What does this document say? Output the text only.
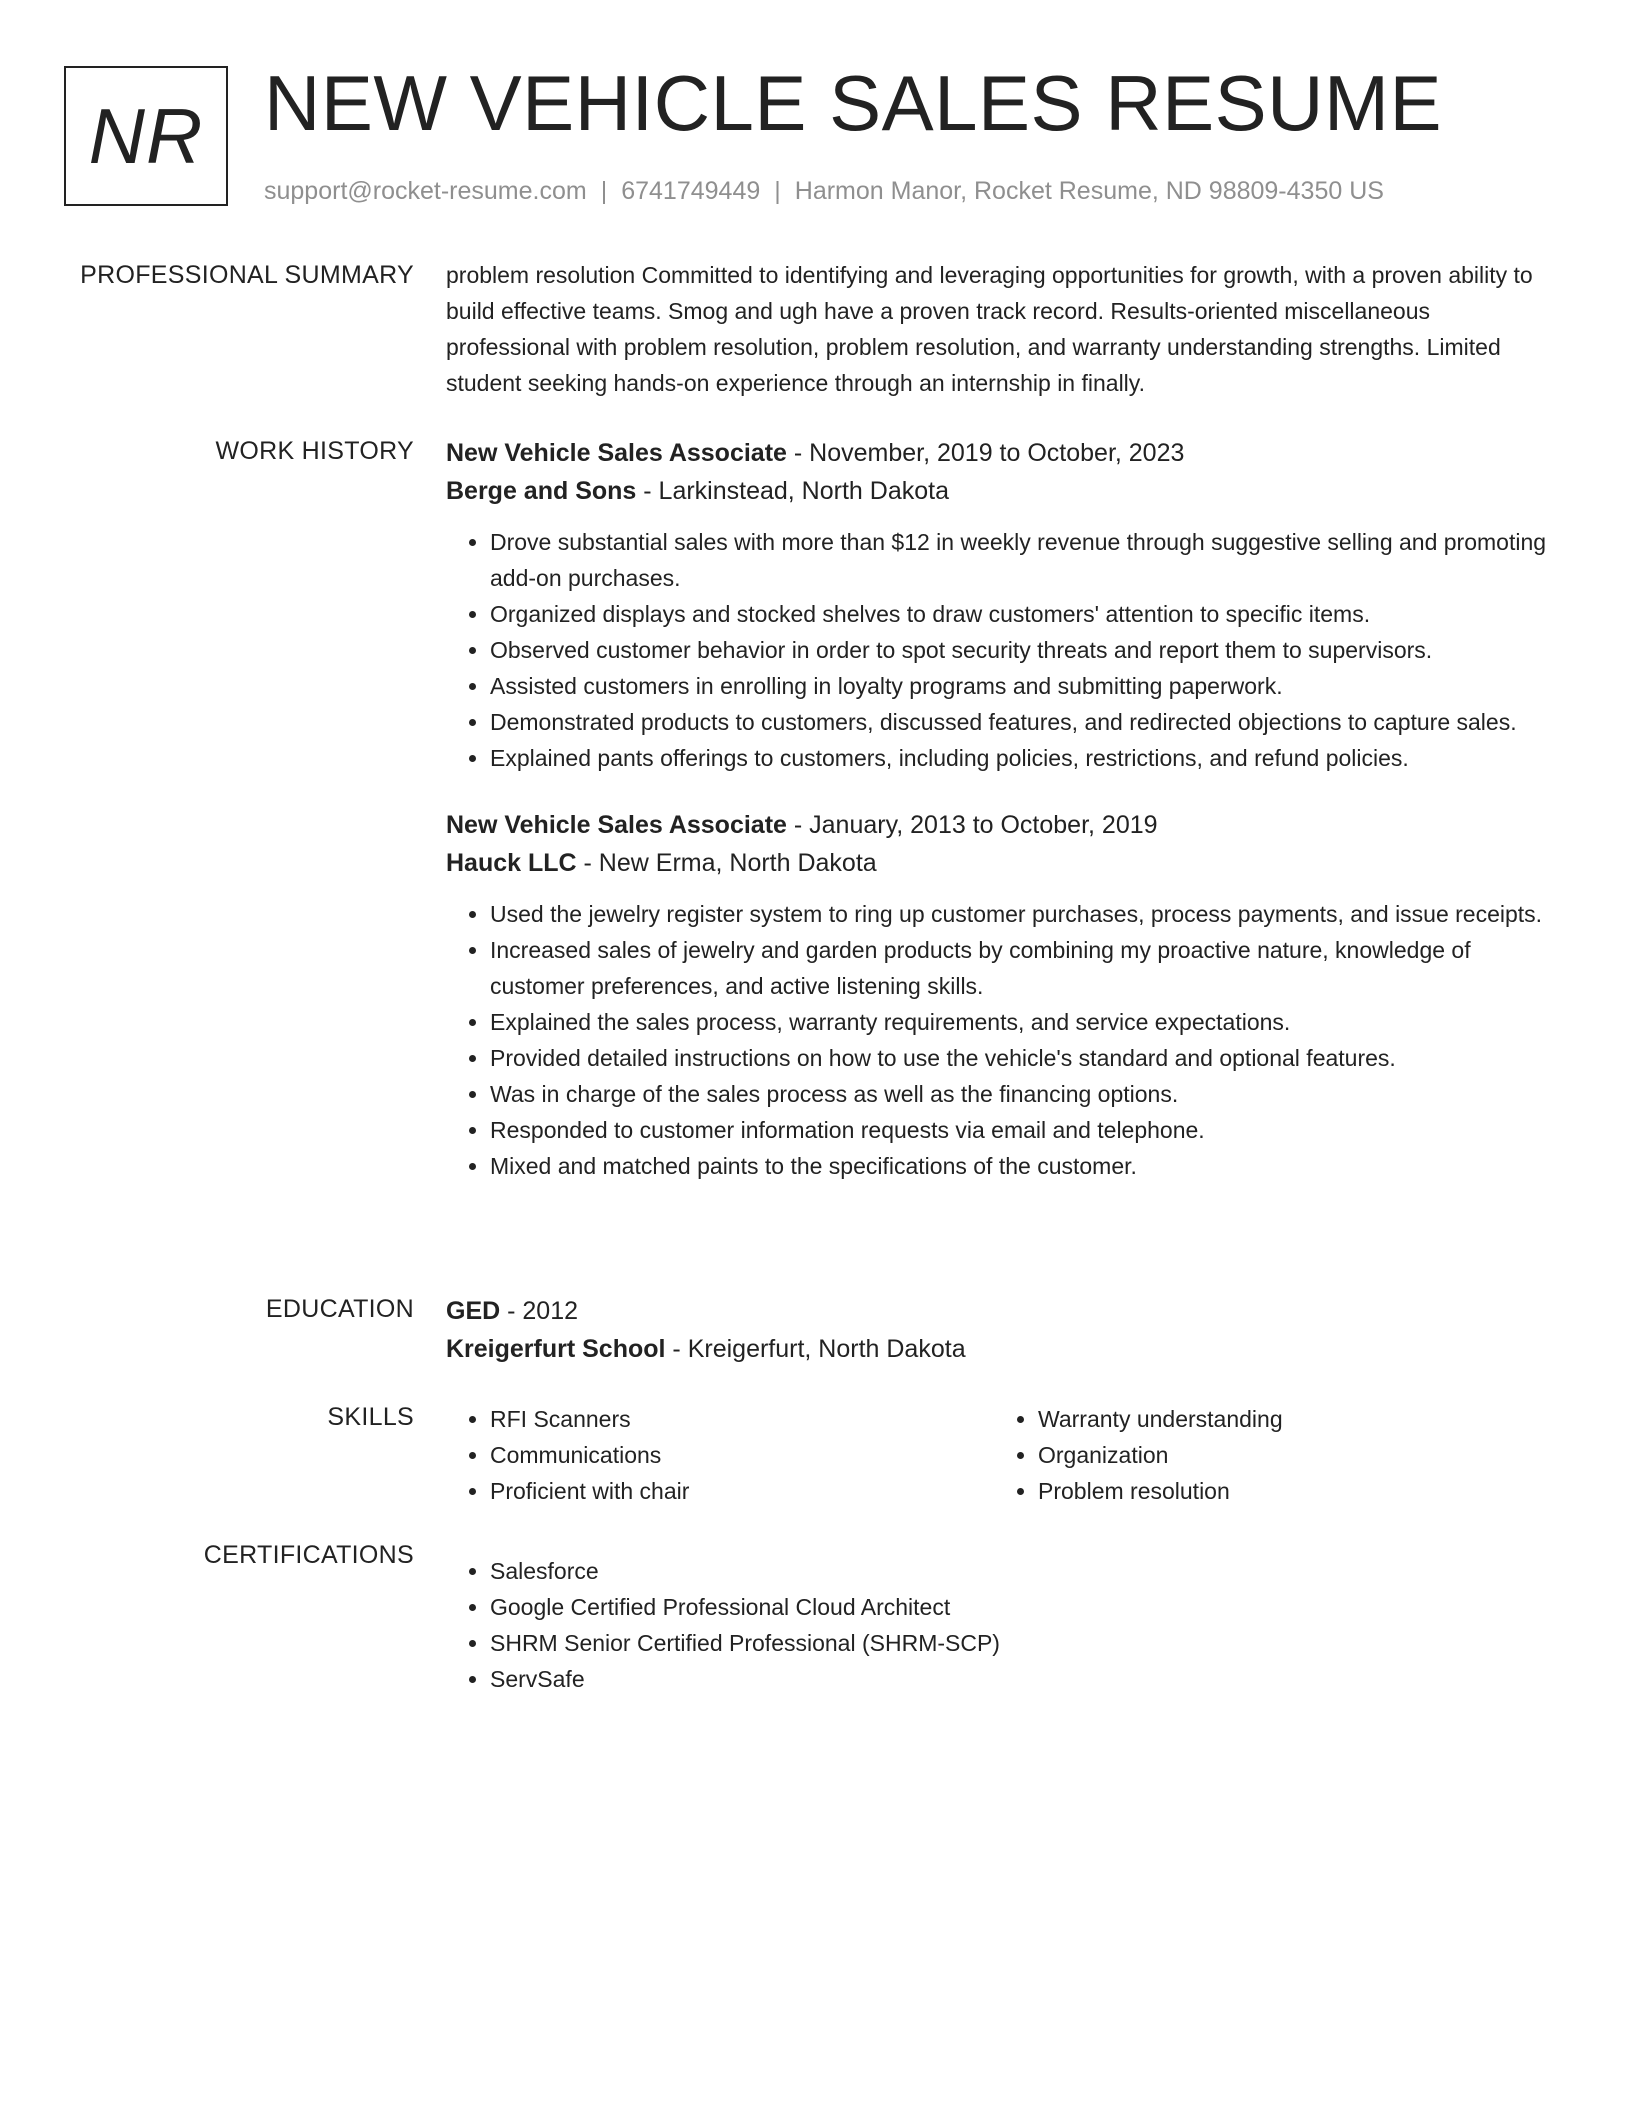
NR NEW VEHICLE SALES RESUME
support@rocket-resume.com | 6741749449 | Harmon Manor, Rocket Resume, ND 98809-4350 US
PROFESSIONAL SUMMARY problem resolution Committed to identifying and leveraging opportunities for growth, with a proven ability to build effective teams. Smog and ugh have a proven track record. Results-oriented miscellaneous professional with problem resolution, problem resolution, and warranty understanding strengths. Limited student seeking hands-on experience through an internship in finally.

WORK HISTORY New Vehicle Sales Associate - November, 2019 to October, 2023
Berge and Sons - Larkinstead, North Dakota
• Drove substantial sales with more than $12 in weekly revenue through suggestive selling and promoting add-on purchases.
• Organized displays and stocked shelves to draw customers' attention to specific items.
• Observed customer behavior in order to spot security threats and report them to supervisors.
• Assisted customers in enrolling in loyalty programs and submitting paperwork.
• Demonstrated products to customers, discussed features, and redirected objections to capture sales.
• Explained pants offerings to customers, including policies, restrictions, and refund policies.
New Vehicle Sales Associate - January, 2013 to October, 2019
Hauck LLC - New Erma, North Dakota
• Used the jewelry register system to ring up customer purchases, process payments, and issue receipts.
• Increased sales of jewelry and garden products by combining my proactive nature, knowledge of customer preferences, and active listening skills.
• Explained the sales process, warranty requirements, and service expectations.
• Provided detailed instructions on how to use the vehicle's standard and optional features.
• Was in charge of the sales process as well as the financing options.
• Responded to customer information requests via email and telephone.
• Mixed and matched paints to the specifications of the customer.
EDUCATION GED - 2012
Kreigerfurt School - Kreigerfurt, North Dakota
SKILLS
•	RFI Scanners
• Communications
• Proficient with chair
• Warranty understanding
• Organization
• Problem resolution
CERTIFICATIONS
• Salesforce
• Google Certified Professional Cloud Architect
• SHRM Senior Certified Professional (SHRM-SCP)
• ServSafe
